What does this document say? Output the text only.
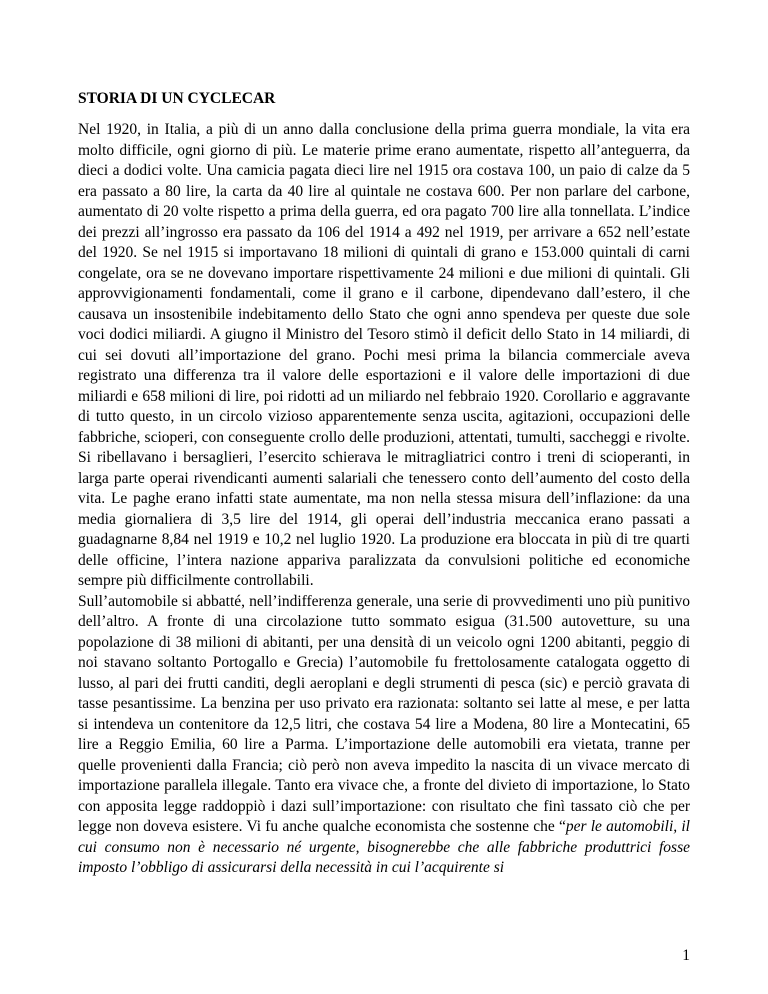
STORIA DI UN CYCLECAR

Nel 1920, in Italia, a più di un anno dalla conclusione della prima guerra mondiale, la vita era molto difficile, ogni giorno di più. Le materie prime erano aumentate, rispetto all’anteguerra, da dieci a dodici volte. Una camicia pagata dieci lire nel 1915 ora costava 100, un paio di calze da 5 era passato a 80 lire, la carta da 40 lire al quintale ne costava 600. Per non parlare del carbone, aumentato di 20 volte rispetto a prima della guerra, ed ora pagato 700 lire alla tonnellata. L’indice dei prezzi all’ingrosso era passato da 106 del 1914 a 492 nel 1919, per arrivare a 652 nell’estate del 1920. Se nel 1915 si importavano 18 milioni di quintali di grano e 153.000 quintali di carni congelate, ora se ne dovevano importare rispettivamente 24 milioni e due milioni di quintali. Gli approvvigionamenti fondamentali, come il grano e il carbone, dipendevano dall’estero, il che causava un insostenibile indebitamento dello Stato che ogni anno spendeva per queste due sole voci dodici miliardi. A giugno il Ministro del Tesoro stimò il deficit dello Stato in 14 miliardi, di cui sei dovuti all’importazione del grano. Pochi mesi prima la bilancia commerciale aveva registrato una differenza tra il valore delle esportazioni e il valore delle importazioni di due miliardi e 658 milioni di lire, poi ridotti ad un miliardo nel febbraio 1920. Corollario e aggravante di tutto questo, in un circolo vizioso apparentemente senza uscita, agitazioni, occupazioni delle fabbriche, scioperi, con conseguente crollo delle produzioni, attentati, tumulti, saccheggi e rivolte. Si ribellavano i bersaglieri, l’esercito schierava le mitragliatrici contro i treni di scioperanti, in larga parte operai rivendicanti aumenti salariali che tenessero conto dell’aumento del costo della vita. Le paghe erano infatti state aumentate, ma non nella stessa misura dell’inflazione: da una media giornaliera di 3,5 lire del 1914, gli operai dell’industria meccanica erano passati a guadagnarne 8,84 nel 1919 e 10,2 nel luglio 1920. La produzione era bloccata in più di tre quarti delle officine, l’intera nazione appariva paralizzata da convulsioni politiche ed economiche sempre più difficilmente controllabili.

Sull’automobile si abbatté, nell’indifferenza generale, una serie di provvedimenti uno più punitivo dell’altro. A fronte di una circolazione tutto sommato esigua (31.500 autovetture, su una popolazione di 38 milioni di abitanti, per una densità di un veicolo ogni 1200 abitanti, peggio di noi stavano soltanto Portogallo e Grecia) l’automobile fu frettolosamente catalogata oggetto di lusso, al pari dei frutti canditi, degli aeroplani e degli strumenti di pesca (sic) e perciò gravata di tasse pesantissime. La benzina per uso privato era razionata: soltanto sei latte al mese, e per latta si intendeva un contenitore da 12,5 litri, che costava 54 lire a Modena, 80 lire a Montecatini, 65 lire a Reggio Emilia, 60 lire a Parma. L’importazione delle automobili era vietata, tranne per quelle provenienti dalla Francia; ciò però non aveva impedito la nascita di un vivace mercato di importazione parallela illegale. Tanto era vivace che, a fronte del divieto di importazione, lo Stato con apposita legge raddoppiò i dazi sull’importazione: con risultato che finì tassato ciò che per legge non doveva esistere. Vi fu anche qualche economista che sostenne che “per le automobili, il cui consumo non è necessario né urgente, bisognerebbe che alle fabbriche produttrici fosse imposto l’obbligo di assicurarsi della necessità in cui l’acquirente si

1
